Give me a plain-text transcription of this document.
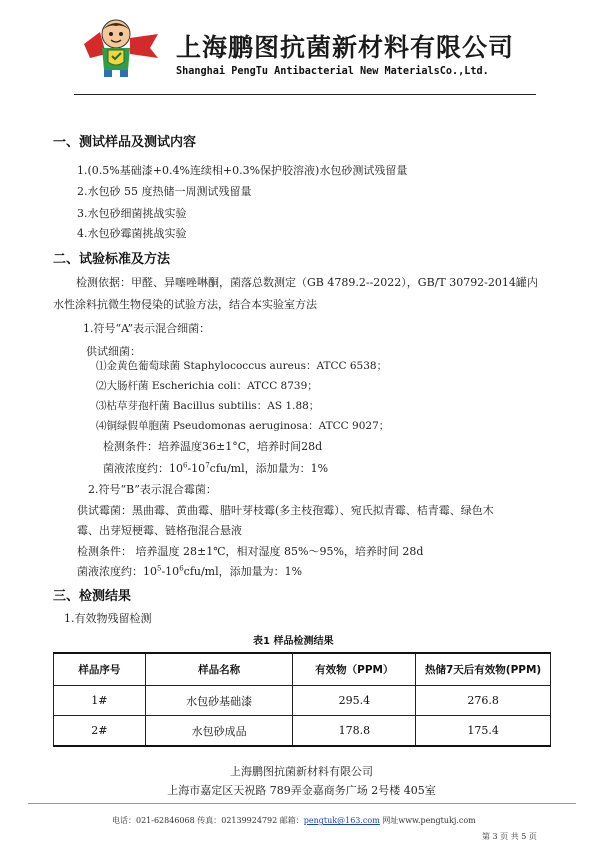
上海鹏图抗菌新材料有限公司
Shanghai PengTu Antibacterial New MaterialsCo.,Ltd.
一、测试样品及测试内容
1.(0.5%基础漆+0.4%连续相+0.3%保护胶溶液)水包砂测试残留量
2.水包砂 55 度热储一周测试残留量
3.水包砂细菌挑战实验
4.水包砂霉菌挑战实验
二、试验标准及方法
检测依据：甲醛、异噻唑啉酮，菌落总数测定（GB 4789.2--2022），GB/T 30792-2014罐内
水性涂料抗微生物侵染的试验方法，结合本实验室方法
1.符号“A”表示混合细菌：
供试细菌：
⑴金黄色葡萄球菌 Staphylococcus aureus：ATCC 6538；
⑵大肠杆菌 Escherichia coli：ATCC 8739；
⑶枯草芽孢杆菌 Bacillus subtilis：AS 1.88；
⑷铜绿假单胞菌 Pseudomonas aeruginosa：ATCC 9027；
检测条件：培养温度36±1°C，培养时间28d
菌液浓度约：$10^6-10^7cfu/ml$，添加量为：1%
2.符号“B”表示混合霉菌：
供试霉菌：黑曲霉、黄曲霉、腊叶芽枝霉(多主枝孢霉）、宛氏拟青霉、桔青霉、绿色木
霉、出芽短梗霉、链格孢混合悬液
检测条件： 培养温度 28±1℃，相对湿度 85%～95%，培养时间 28d
菌液浓度约：$10^5-10^6cfu/ml$，添加量为：1%
三、检测结果
1.有效物残留检测
表1 样品检测结果
样品序号	样品名称	有效物（PPM）	热储7天后有效物(PPM)
1#	水包砂基础漆	295.4	276.8
2#	水包砂成品	178.8	175.4
上海鹏图抗菌新材料有限公司
上海市嘉定区天祝路 789弄金嘉商务广场 2号楼 405室
电话：021-62846068 传真：02139924792 邮箱：pengtuk@163.com 网址www.pengtukj.com
第 3 页 共 5 页
